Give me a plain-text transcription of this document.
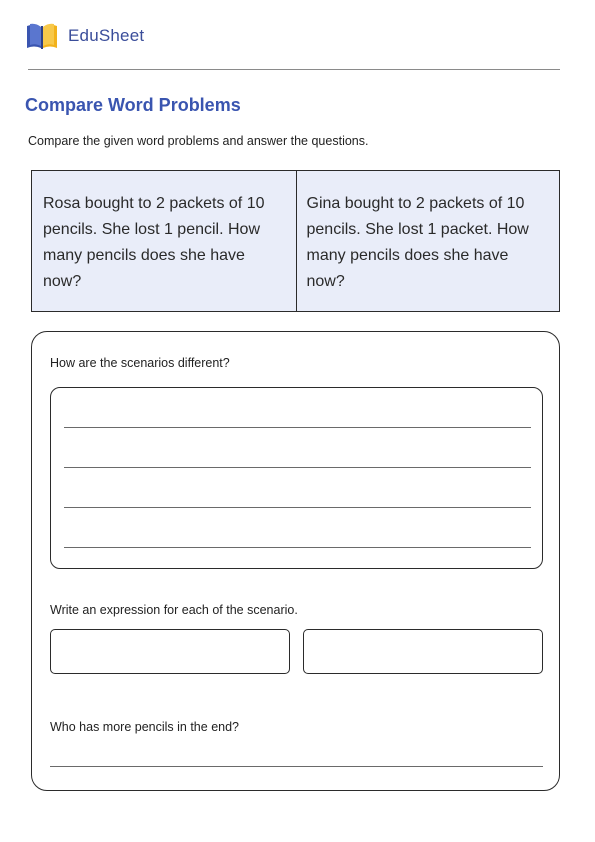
EduSheet
Compare Word Problems

Compare the given word problems and answer the questions.

Rosa bought to 2 packets of 10 pencils. She lost 1 pencil. How many pencils does she have now?
Gina bought to 2 packets of 10 pencils. She lost 1 packet. How many pencils does she have now?

How are the scenarios different?

Write an expression for each of the scenario.

Who has more pencils in the end?
